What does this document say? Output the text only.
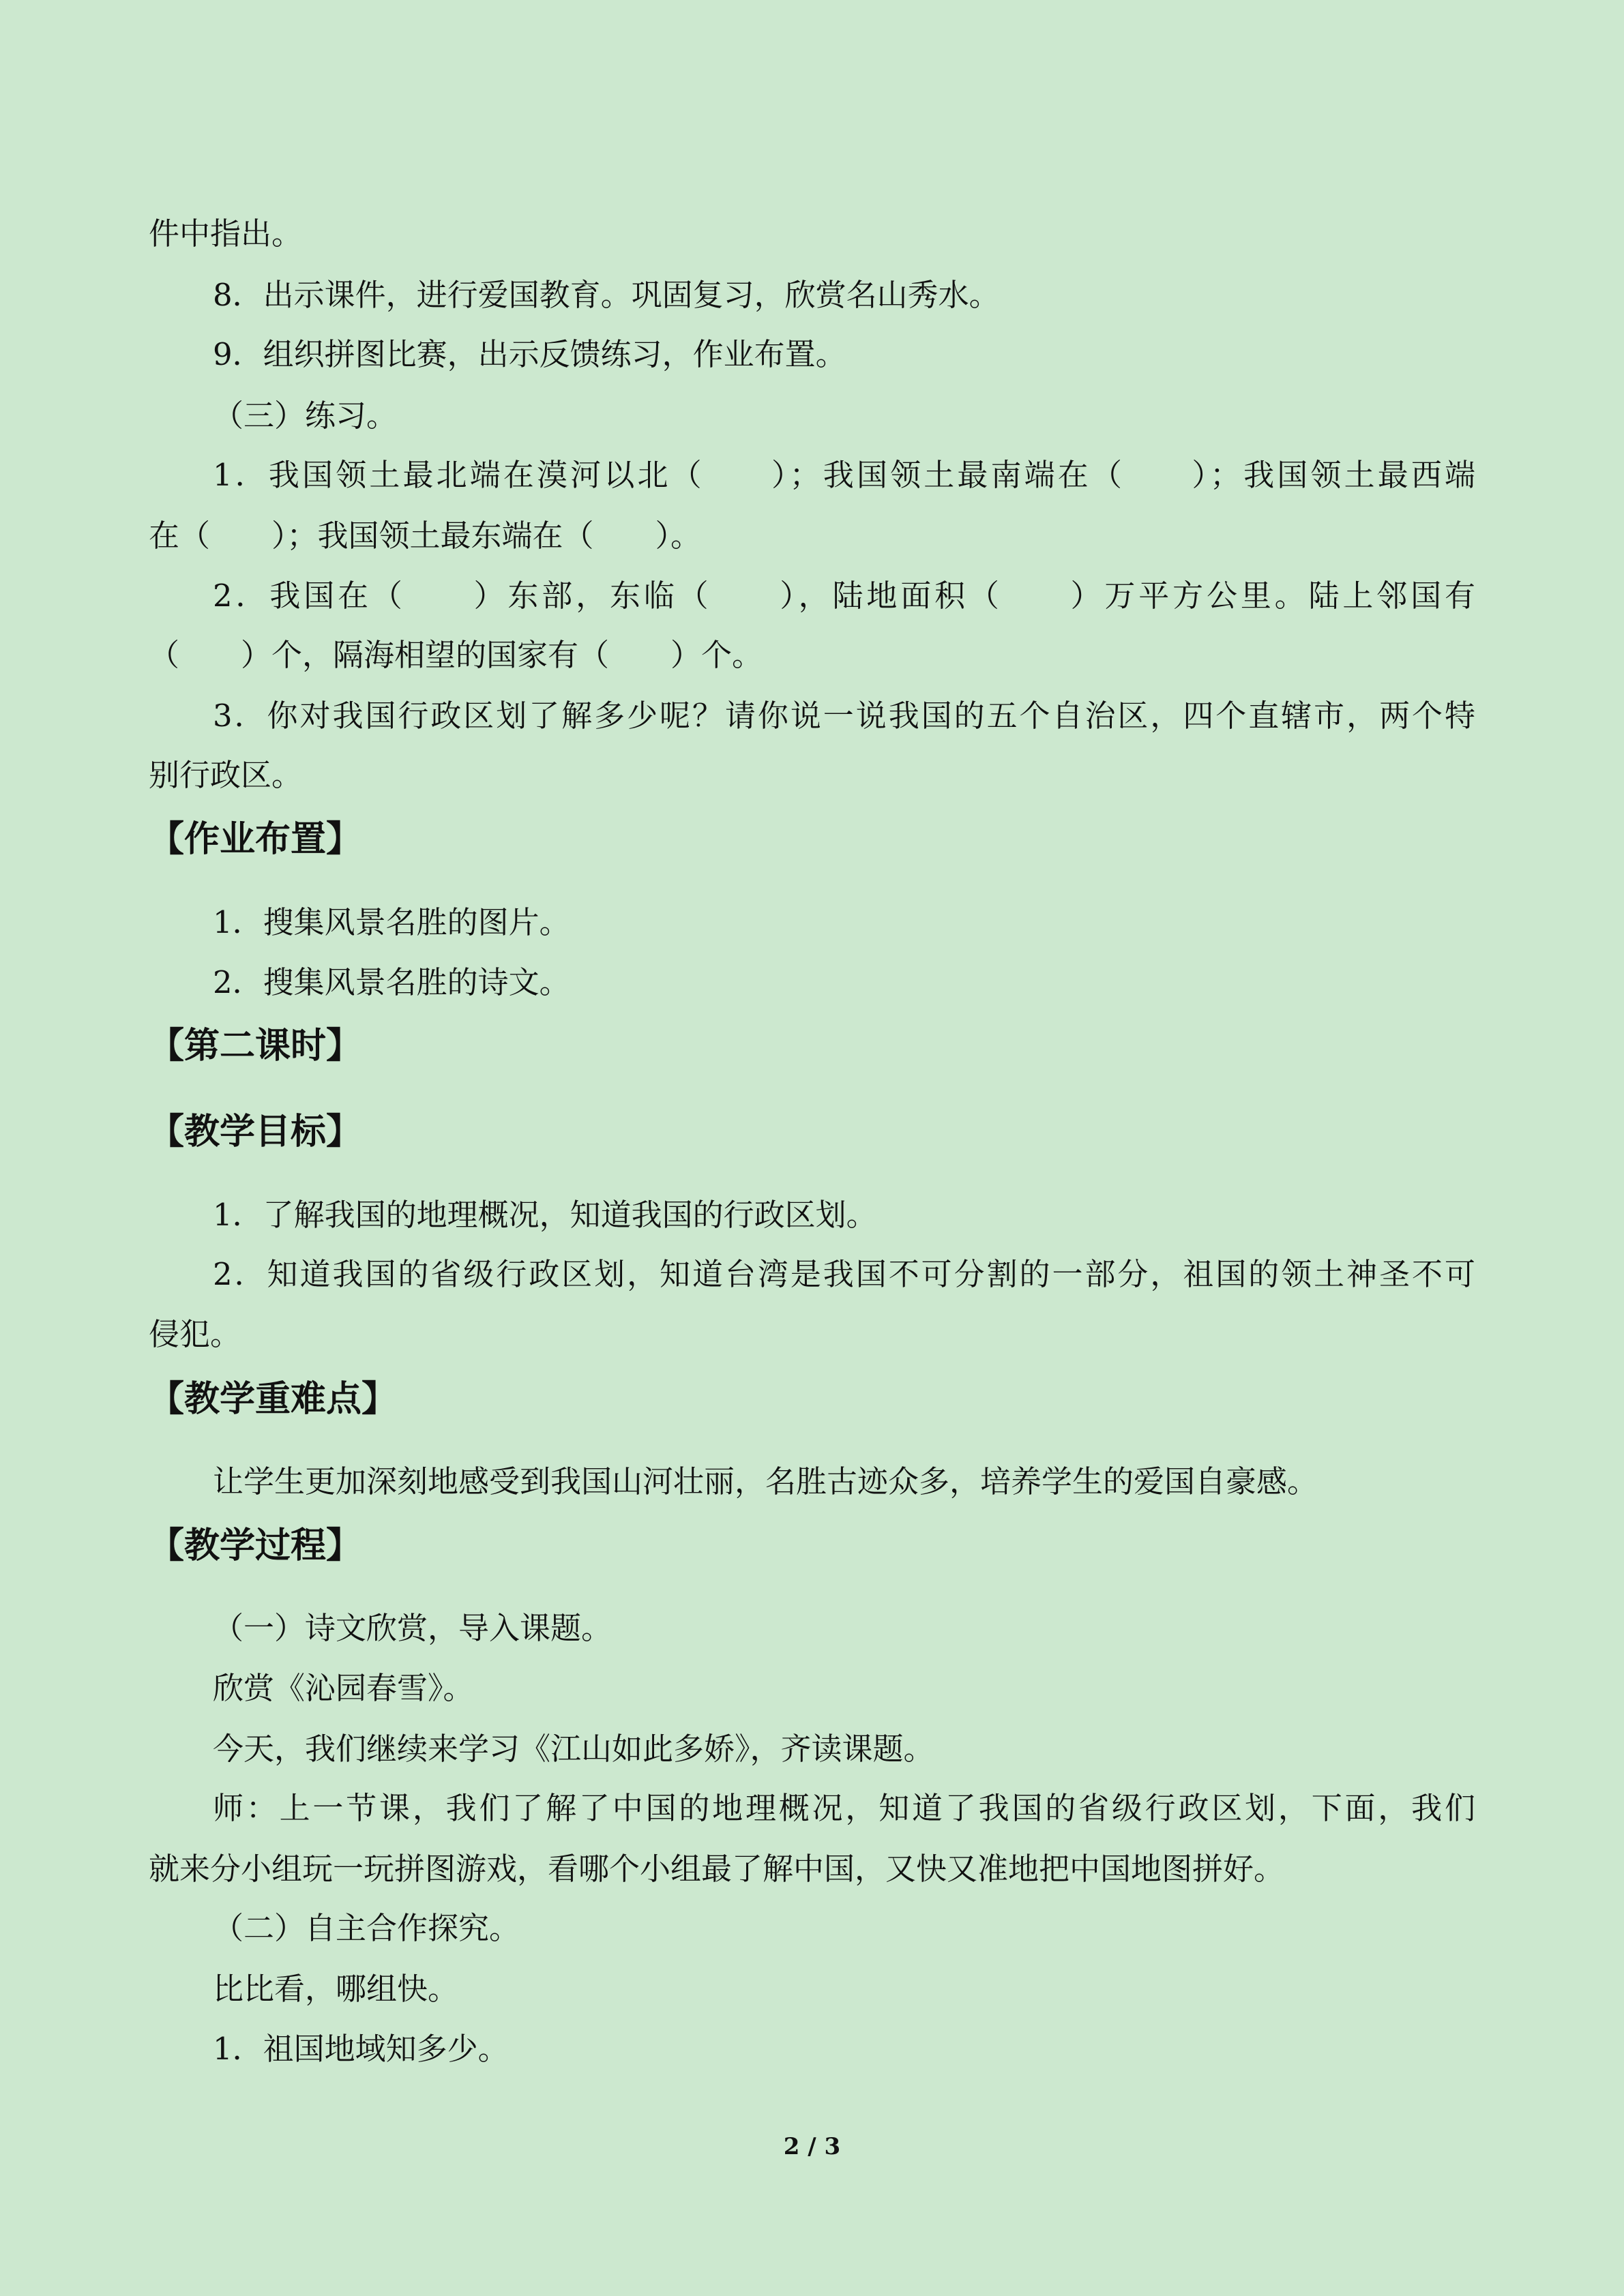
件中指出。
8．出示课件，进行爱国教育。巩固复习，欣赏名山秀水。
9．组织拼图比赛，出示反馈练习，作业布置。
（三）练习。
1．我国领土最北端在漠河以北（　　）；我国领土最南端在（　　）；我国领土最西端
在（　　）；我国领土最东端在（　　）。
2．我国在（　　）东部，东临（　　），陆地面积（　　）万平方公里。陆上邻国有
（　　）个，隔海相望的国家有（　　）个。
3．你对我国行政区划了解多少呢？请你说一说我国的五个自治区，四个直辖市，两个特
别行政区。
【作业布置】
1．搜集风景名胜的图片。
2．搜集风景名胜的诗文。
【第二课时】
【教学目标】
1．了解我国的地理概况，知道我国的行政区划。
2．知道我国的省级行政区划，知道台湾是我国不可分割的一部分，祖国的领土神圣不可
侵犯。
【教学重难点】
让学生更加深刻地感受到我国山河壮丽，名胜古迹众多，培养学生的爱国自豪感。
【教学过程】
（一）诗文欣赏，导入课题。
欣赏《沁园春雪》。
今天，我们继续来学习《江山如此多娇》，齐读课题。
师：上一节课，我们了解了中国的地理概况，知道了我国的省级行政区划，下面，我们
就来分小组玩一玩拼图游戏，看哪个小组最了解中国，又快又准地把中国地图拼好。
（二）自主合作探究。
比比看，哪组快。
1．祖国地域知多少。
2 / 3
